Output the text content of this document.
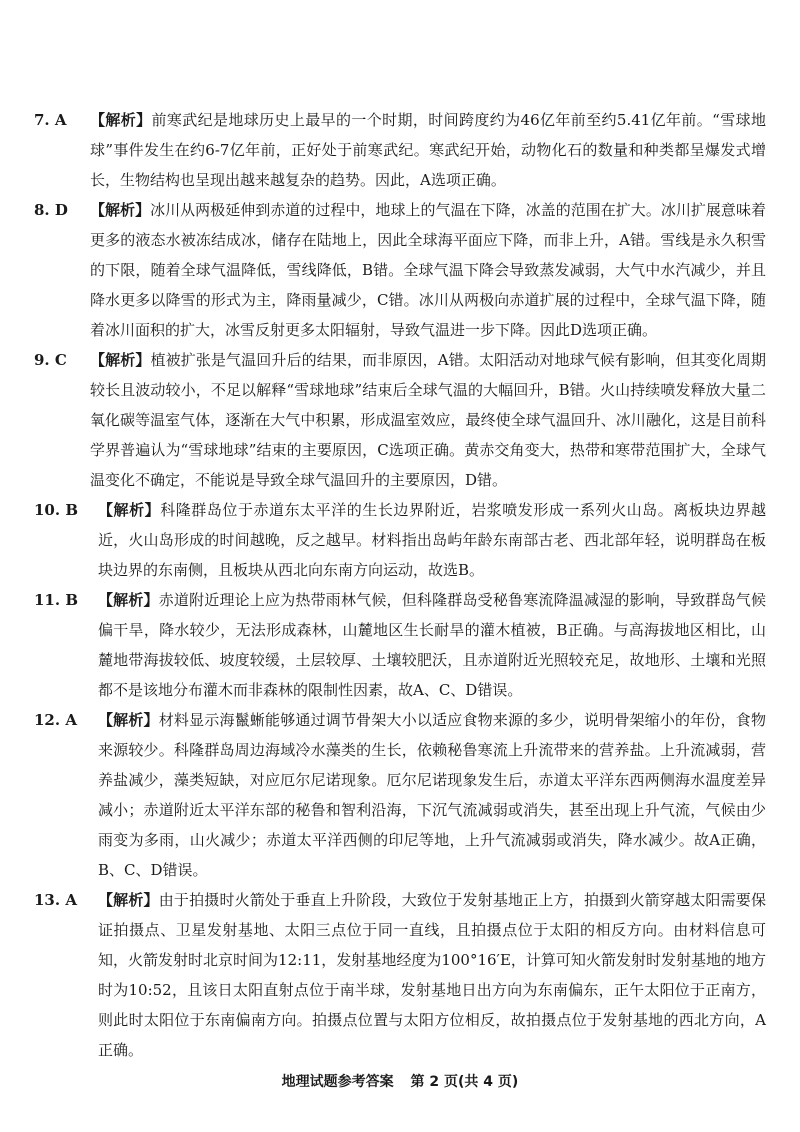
7. A	【解析】前寒武纪是地球历史上最早的一个时期，时间跨度约为46亿年前至约5.41亿年前。“雪球地球”事件发生在约6-7亿年前，正好处于前寒武纪。寒武纪开始，动物化石的数量和种类都呈爆发式增长，生物结构也呈现出越来越复杂的趋势。因此，A选项正确。
8. D	【解析】冰川从两极延伸到赤道的过程中，地球上的气温在下降，冰盖的范围在扩大。冰川扩展意味着更多的液态水被冻结成冰，储存在陆地上，因此全球海平面应下降，而非上升，A错。雪线是永久积雪的下限，随着全球气温降低，雪线降低，B错。全球气温下降会导致蒸发减弱，大气中水汽减少，并且降水更多以降雪的形式为主，降雨量减少，C错。冰川从两极向赤道扩展的过程中，全球气温下降，随着冰川面积的扩大，冰雪反射更多太阳辐射，导致气温进一步下降。因此D选项正确。
9. C	【解析】植被扩张是气温回升后的结果，而非原因，A错。太阳活动对地球气候有影响，但其变化周期较长且波动较小，不足以解释“雪球地球”结束后全球气温的大幅回升，B错。火山持续喷发释放大量二氧化碳等温室气体，逐渐在大气中积累，形成温室效应，最终使全球气温回升、冰川融化，这是目前科学界普遍认为“雪球地球”结束的主要原因，C选项正确。黄赤交角变大，热带和寒带范围扩大，全球气温变化不确定，不能说是导致全球气温回升的主要原因，D错。
10. B	【解析】科隆群岛位于赤道东太平洋的生长边界附近，岩浆喷发形成一系列火山岛。离板块边界越近，火山岛形成的时间越晚，反之越早。材料指出岛屿年龄东南部古老、西北部年轻，说明群岛在板块边界的东南侧，且板块从西北向东南方向运动，故选B。
11. B	【解析】赤道附近理论上应为热带雨林气候，但科隆群岛受秘鲁寒流降温减湿的影响，导致群岛气候偏干旱，降水较少，无法形成森林，山麓地区生长耐旱的灌木植被，B正确。与高海拔地区相比，山麓地带海拔较低、坡度较缓，土层较厚、土壤较肥沃，且赤道附近光照较充足，故地形、土壤和光照都不是该地分布灌木而非森林的限制性因素，故A、C、D错误。
12. A	【解析】材料显示海鬣蜥能够通过调节骨架大小以适应食物来源的多少，说明骨架缩小的年份，食物来源较少。科隆群岛周边海域冷水藻类的生长，依赖秘鲁寒流上升流带来的营养盐。上升流减弱，营养盐减少，藻类短缺，对应厄尔尼诺现象。厄尔尼诺现象发生后，赤道太平洋东西两侧海水温度差异减小；赤道附近太平洋东部的秘鲁和智利沿海，下沉气流减弱或消失，甚至出现上升气流，气候由少雨变为多雨，山火减少；赤道太平洋西侧的印尼等地，上升气流减弱或消失，降水减少。故A正确，B、C、D错误。
13. A	【解析】由于拍摄时火箭处于垂直上升阶段，大致位于发射基地正上方，拍摄到火箭穿越太阳需要保证拍摄点、卫星发射基地、太阳三点位于同一直线，且拍摄点位于太阳的相反方向。由材料信息可知，火箭发射时北京时间为12:11，发射基地经度为100°16′E，计算可知火箭发射时发射基地的地方时为10:52，且该日太阳直射点位于南半球，发射基地日出方向为东南偏东，正午太阳位于正南方，则此时太阳位于东南偏南方向。拍摄点位置与太阳方位相反，故拍摄点位于发射基地的西北方向，A正确。
地理试题参考答案 第 2 页(共 4 页)
